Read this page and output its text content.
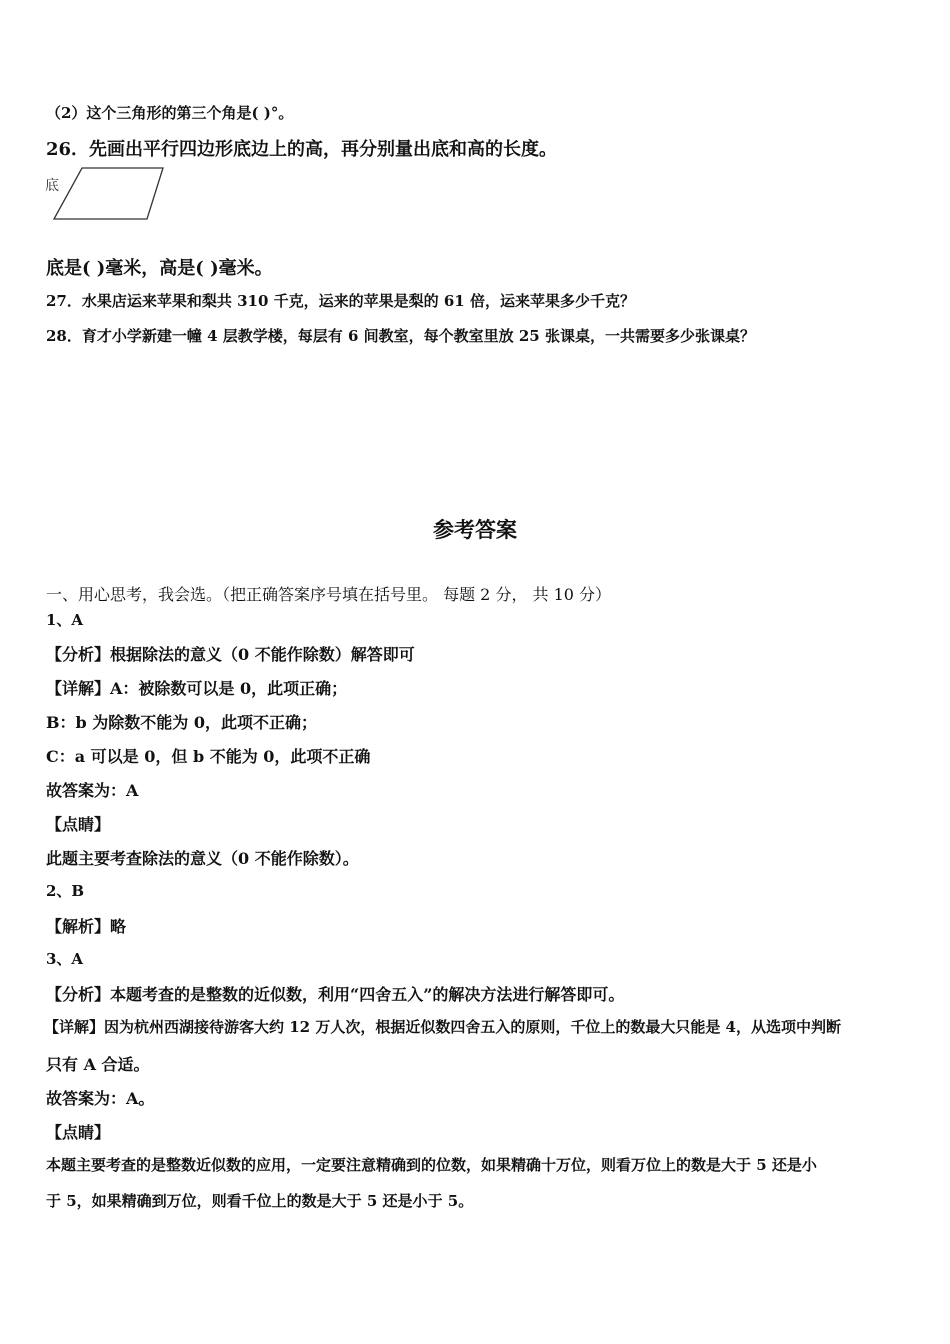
（2）这个三角形的第三个角是( )°。
26．先画出平行四边形底边上的高，再分别量出底和高的长度。
底
底是( )毫米，高是( )毫米。
27．水果店运来苹果和梨共 310 千克，运来的苹果是梨的 61 倍，运来苹果多少千克？
28．育才小学新建一幢 4 层教学楼，每层有 6 间教室，每个教室里放 25 张课桌，一共需要多少张课桌？
参考答案
一、用心思考，我会选。（把正确答案序号填在括号里。 每题 2 分， 共 10 分）
1、A
【分析】根据除法的意义（0 不能作除数）解答即可
【详解】A：被除数可以是 0，此项正确；
B：b 为除数不能为 0，此项不正确；
C：a 可以是 0，但 b 不能为 0，此项不正确
故答案为：A
【点睛】
此题主要考查除法的意义（0 不能作除数）。
2、B
【解析】略
3、A
【分析】本题考查的是整数的近似数，利用“四舍五入”的解决方法进行解答即可。
【详解】因为杭州西湖接待游客大约 12 万人次，根据近似数四舍五入的原则，千位上的数最大只能是 4，从选项中判断
只有 A 合适。
故答案为：A。
【点睛】
本题主要考查的是整数近似数的应用，一定要注意精确到的位数，如果精确十万位，则看万位上的数是大于 5 还是小
于 5，如果精确到万位，则看千位上的数是大于 5 还是小于 5。
